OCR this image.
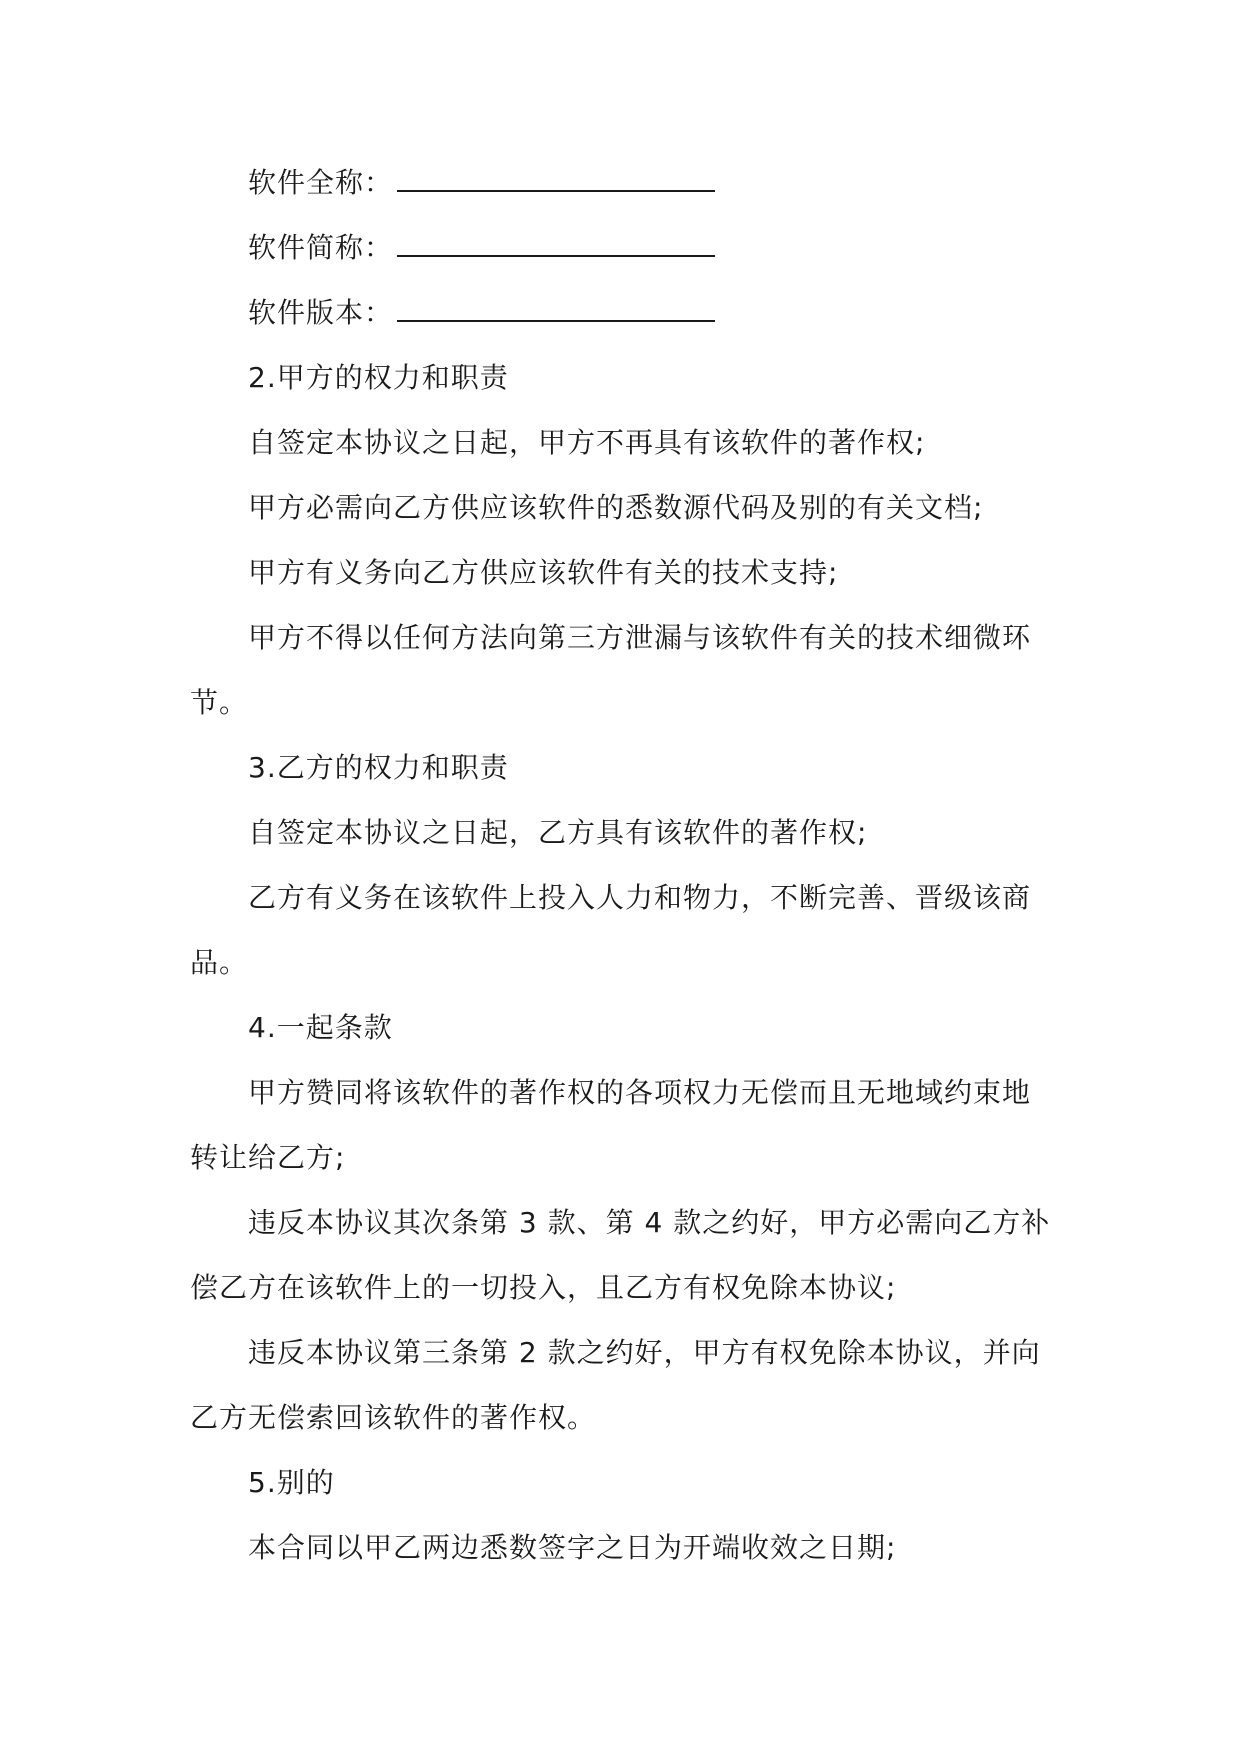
软件全称：
软件简称：
软件版本：
2.甲方的权力和职责
自签定本协议之日起，甲方不再具有该软件的著作权;
甲方必需向乙方供应该软件的悉数源代码及别的有关文档;
甲方有义务向乙方供应该软件有关的技术支持;
甲方不得以任何方法向第三方泄漏与该软件有关的技术细微环
节。
3.乙方的权力和职责
自签定本协议之日起，乙方具有该软件的著作权;
乙方有义务在该软件上投入人力和物力，不断完善、晋级该商
品。
4.一起条款
甲方赞同将该软件的著作权的各项权力无偿而且无地域约束地
转让给乙方;
违反本协议其次条第 3 款、第 4 款之约好，甲方必需向乙方补
偿乙方在该软件上的一切投入，且乙方有权免除本协议;
违反本协议第三条第 2 款之约好，甲方有权免除本协议，并向
乙方无偿索回该软件的著作权。
5.别的
本合同以甲乙两边悉数签字之日为开端收效之日期;
